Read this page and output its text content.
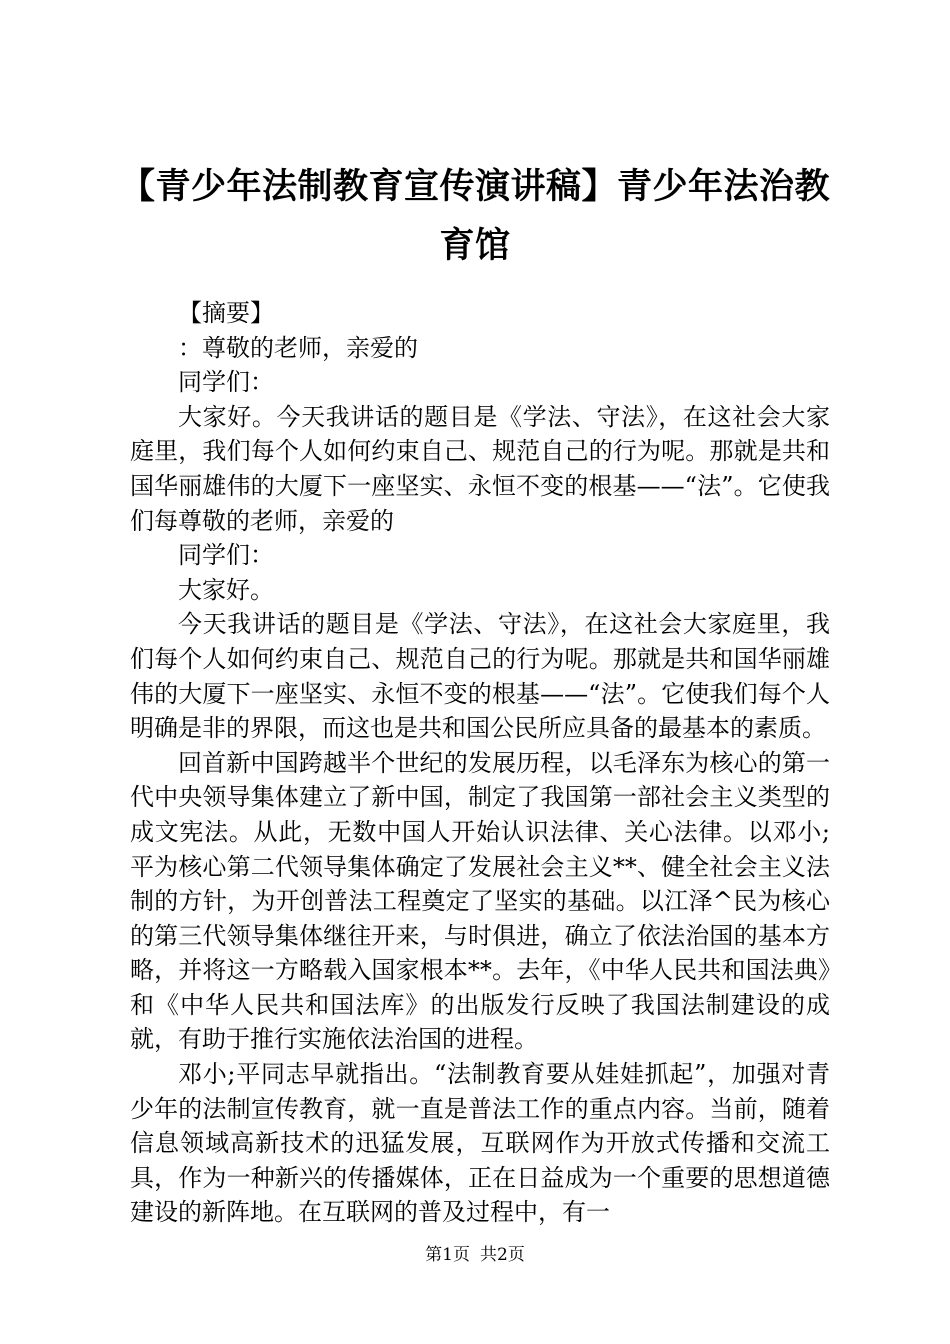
【青少年法制教育宣传演讲稿】青少年法治教育馆

【摘要】

：尊敬的老师，亲爱的

同学们：

大家好。今天我讲话的题目是《学法、守法》，在这社会大家庭里，我们每个人如何约束自己、规范自己的行为呢。那就是共和国华丽雄伟的大厦下一座坚实、永恒不变的根基——“法”。它使我们每尊敬的老师，亲爱的

同学们：

大家好。

今天我讲话的题目是《学法、守法》，在这社会大家庭里，我们每个人如何约束自己、规范自己的行为呢。那就是共和国华丽雄伟的大厦下一座坚实、永恒不变的根基——“法”。它使我们每个人明确是非的界限，而这也是共和国公民所应具备的最基本的素质。

回首新中国跨越半个世纪的发展历程，以毛泽东为核心的第一代中央领导集体建立了新中国，制定了我国第一部社会主义类型的成文宪法。从此，无数中国人开始认识法律、关心法律。以邓小;平为核心第二代领导集体确定了发展社会主义**、健全社会主义法制的方针，为开创普法工程奠定了坚实的基础。以江泽^民为核心的第三代领导集体继往开来，与时俱进，确立了依法治国的基本方略，并将这一方略载入国家根本**。去年，《中华人民共和国法典》和《中华人民共和国法库》的出版发行反映了我国法制建设的成就，有助于推行实施依法治国的进程。

邓小;平同志早就指出。“法制教育要从娃娃抓起”，加强对青少年的法制宣传教育，就一直是普法工作的重点内容。当前，随着信息领域高新技术的迅猛发展，互联网作为开放式传播和交流工具，作为一种新兴的传播媒体，正在日益成为一个重要的思想道德建设的新阵地。在互联网的普及过程中，有一

第1页 共2页
